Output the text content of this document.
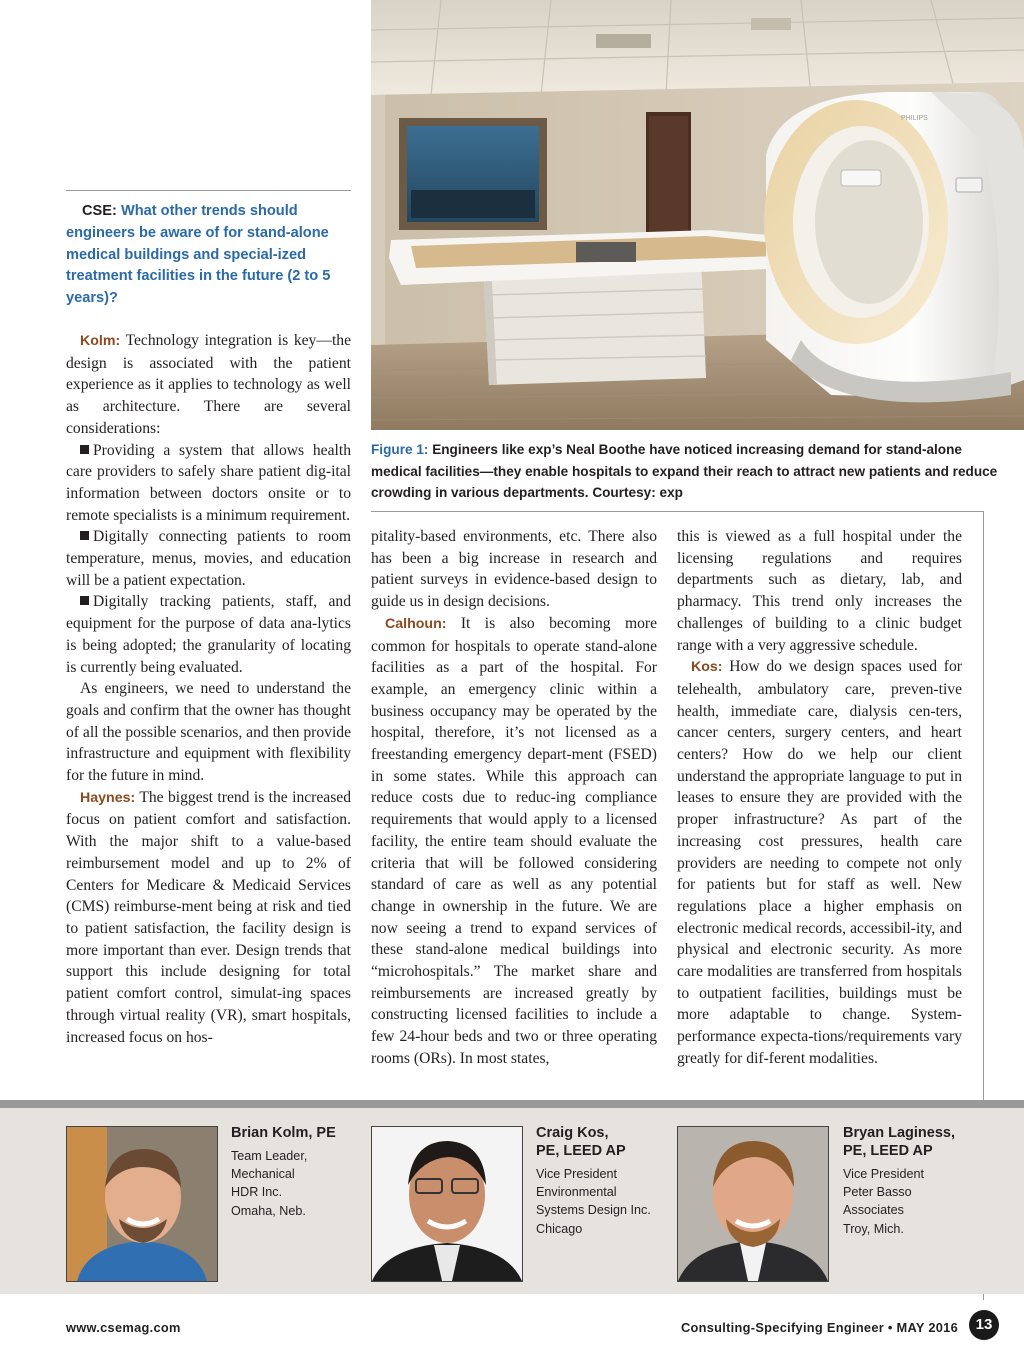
PHILIPS
Figure 1: Engineers like exp’s Neal Boothe have noticed increasing demand for stand-alone medical facilities—they enable hospitals to expand their reach to attract new patients and reduce crowding in various departments. Courtesy: exp
CSE: What other trends should engineers be aware of for stand-alone medical buildings and special-ized treatment facilities in the future (2 to 5 years)?

Kolm: Technology integration is key—the design is associated with the patient experience as it applies to technology as well as architecture. There are several considerations:

Providing a system that allows health care providers to safely share patient dig-ital information between doctors onsite or to remote specialists is a minimum requirement.

Digitally connecting patients to room temperature, menus, movies, and education will be a patient expectation.

Digitally tracking patients, staff, and equipment for the purpose of data ana-lytics is being adopted; the granularity of locating is currently being evaluated.

As engineers, we need to understand the goals and confirm that the owner has thought of all the possible scenarios, and then provide infrastructure and equipment with flexibility for the future in mind.

Haynes: The biggest trend is the increased focus on patient comfort and satisfaction. With the major shift to a value-based reimbursement model and up to 2% of Centers for Medicare & Medicaid Services (CMS) reimburse-ment being at risk and tied to patient satisfaction, the facility design is more important than ever. Design trends that support this include designing for total patient comfort control, simulat-ing spaces through virtual reality (VR), smart hospitals, increased focus on hos-

pitality-based environments, etc. There also has been a big increase in research and patient surveys in evidence-based design to guide us in design decisions.

Calhoun: It is also becoming more common for hospitals to operate stand-alone facilities as a part of the hospital. For example, an emergency clinic within a business occupancy may be operated by the hospital, therefore, it’s not licensed as a freestanding emergency depart-ment (FSED) in some states. While this approach can reduce costs due to reduc-ing compliance requirements that would apply to a licensed facility, the entire team should evaluate the criteria that will be followed considering standard of care as well as any potential change in ownership in the future. We are now seeing a trend to expand services of these stand-alone medical buildings into “microhospitals.” The market share and reimbursements are increased greatly by constructing licensed facilities to include a few 24-hour beds and two or three operating rooms (ORs). In most states,

this is viewed as a full hospital under the licensing regulations and requires departments such as dietary, lab, and pharmacy. This trend only increases the challenges of building to a clinic budget range with a very aggressive schedule.

Kos: How do we design spaces used for telehealth, ambulatory care, preven-tive health, immediate care, dialysis cen-ters, cancer centers, surgery centers, and heart centers? How do we help our client understand the appropriate language to put in leases to ensure they are provided with the proper infrastructure? As part of the increasing cost pressures, health care providers are needing to compete not only for patients but for staff as well. New regulations place a higher emphasis on electronic medical records, accessibil-ity, and physical and electronic security. As more care modalities are transferred from hospitals to outpatient facilities, buildings must be more adaptable to change. System-performance expecta-tions/requirements vary greatly for dif-ferent modalities.

Brian Kolm, PE
Team Leader,
Mechanical
HDR Inc.
Omaha, Neb.
Craig Kos,
PE, LEED AP
Vice President
Environmental
Systems Design Inc.
Chicago
Bryan Laginess,
PE, LEED AP
Vice President
Peter Basso
Associates
Troy, Mich.
www.csemag.com	Consulting-Specifying Engineer • MAY 2016	13
